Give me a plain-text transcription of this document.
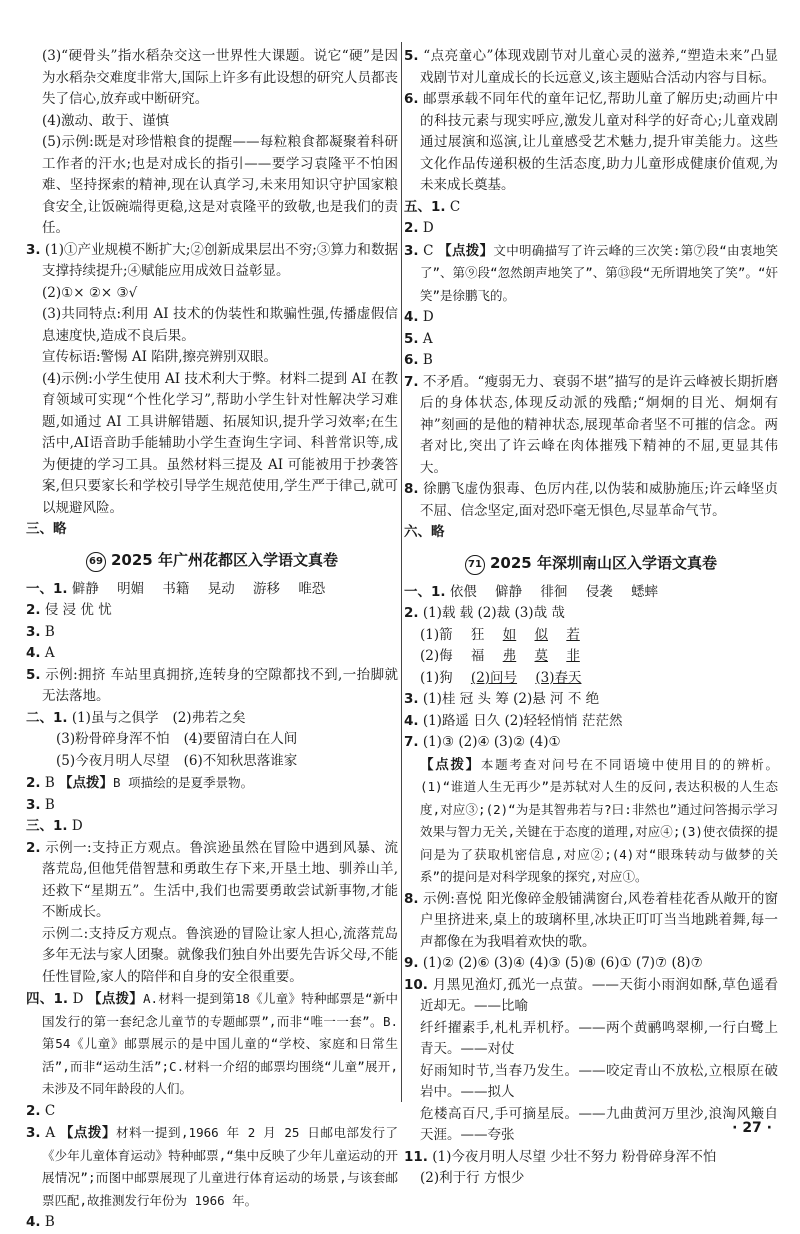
(3)“硬骨头”指水稻杂交这一世界性大课题。说它“硬”是因为水稻杂交难度非常大,国际上许多有此设想的研究人员都丧失了信心,放弃或中断研究。

(4)激动、敢于、谨慎

(5)示例:既是对珍惜粮食的提醒——每粒粮食都凝聚着科研工作者的汗水;也是对成长的指引——要学习袁隆平不怕困难、坚持探索的精神,现在认真学习,未来用知识守护国家粮食安全,让饭碗端得更稳,这是对袁隆平的致敬,也是我们的责任。

3. (1)①产业规模不断扩大;②创新成果层出不穷;③算力和数据支撑持续提升;④赋能应用成效日益彰显。

(2)①× ②× ③√

(3)共同特点:利用 AI 技术的伪装性和欺骗性强,传播虚假信息速度快,造成不良后果。

宣传标语:警惕 AI 陷阱,擦亮辨别双眼。

(4)示例:小学生使用 AI 技术利大于弊。材料二提到 AI 在教育领域可实现“个性化学习”,帮助小学生针对性解决学习难题,如通过 AI 工具讲解错题、拓展知识,提升学习效率;在生活中,AI语音助手能辅助小学生查询生字词、科普常识等,成为便捷的学习工具。虽然材料三提及 AI 可能被用于抄袭答案,但只要家长和学校引导学生规范使用,学生严于律己,就可以规避风险。

三、略

69 2025 年广州花都区入学语文真卷

一、1. 僻静 明媚 书籍 晃动 游移 唯恐

2. 侵 浸 优 忧

3. B

4. A

5. 示例:拥挤 车站里真拥挤,连转身的空隙都找不到,一抬脚就无法落地。

二、1. (1)虽与之俱学 (2)弗若之矣

(3)粉骨碎身浑不怕 (4)要留清白在人间

(5)今夜月明人尽望 (6)不知秋思落谁家

2. B 【点拨】B 项描绘的是夏季景物。

3. B

三、1. D

2. 示例一:支持正方观点。鲁滨逊虽然在冒险中遇到风暴、流落荒岛,但他凭借智慧和勇敢生存下来,开垦土地、驯养山羊,还救下“星期五”。生活中,我们也需要勇敢尝试新事物,才能不断成长。

示例二:支持反方观点。鲁滨逊的冒险让家人担心,流落荒岛多年无法与家人团聚。就像我们独自外出要先告诉父母,不能任性冒险,家人的陪伴和自身的安全很重要。

四、1. D 【点拨】A.材料一提到第18《儿童》特种邮票是“新中国发行的第一套纪念儿童节的专题邮票”,而非“唯一一套”。B.第54《儿童》邮票展示的是中国儿童的“学校、家庭和日常生活”,而非“运动生活”;C.材料一介绍的邮票均围绕“儿童”展开,未涉及不同年龄段的人们。

2. C

3. A 【点拨】材料一提到,1966 年 2 月 25 日邮电部发行了《少年儿童体育运动》特种邮票,“集中反映了少年儿童运动的开展情况”;而图中邮票展现了儿童进行体育运动的场景,与该套邮票匹配,故推测发行年份为 1966 年。

4. B

5. “点亮童心”体现戏剧节对儿童心灵的滋养,“塑造未来”凸显戏剧节对儿童成长的长远意义,该主题贴合活动内容与目标。

6. 邮票承载不同年代的童年记忆,帮助儿童了解历史;动画片中的科技元素与现实呼应,激发儿童对科学的好奇心;儿童戏剧通过展演和巡演,让儿童感受艺术魅力,提升审美能力。这些文化作品传递积极的生活态度,助力儿童形成健康价值观,为未来成长奠基。

五、1. C

2. D

3. C 【点拨】文中明确描写了许云峰的三次笑:第⑦段“由衷地笑了”、第⑨段“忽然朗声地笑了”、第⑬段“无所谓地笑了笑”。“奸笑”是徐鹏飞的。

4. D

5. A

6. B

7. 不矛盾。“瘦弱无力、衰弱不堪”描写的是许云峰被长期折磨后的身体状态,体现反动派的残酷;“炯炯的目光、炯炯有神”刻画的是他的精神状态,展现革命者坚不可摧的信念。两者对比,突出了许云峰在肉体摧残下精神的不屈,更显其伟大。

8. 徐鹏飞虚伪狠毒、色厉内荏,以伪装和威胁施压;许云峰坚贞不屈、信念坚定,面对恐吓毫无惧色,尽显革命气节。

六、略

71 2025 年深圳南山区入学语文真卷

一、1. 依偎 僻静 徘徊 侵袭 蟋蟀

2. (1)载 载 (2)裁 (3)哉 哉

(1)箭 狂 如 似 若

(2)侮 福 弗 莫 非

(1)狗 (2)问号 (3)春天

3. (1)桂 冠 头 筹 (2)悬 河 不 绝

4. (1)路遥 日久 (2)轻轻悄悄 茫茫然

7. (1)③ (2)④ (3)② (4)①

【点拨】本题考查对问号在不同语境中使用目的的辨析。(1)“谁道人生无再少”是苏轼对人生的反问,表达积极的人生态度,对应③;(2)“为是其智弗若与?曰:非然也”通过问答揭示学习效果与智力无关,关键在于态度的道理,对应④;(3)使衣债探的提问是为了获取机密信息,对应②;(4)对“眼珠转动与做梦的关系”的提问是对科学现象的探究,对应①。

8. 示例:喜悦 阳光像碎金般铺满窗台,风卷着桂花香从敞开的窗户里挤进来,桌上的玻璃杯里,冰块正叮叮当当地跳着舞,每一声都像在为我唱着欢快的歌。

9. (1)② (2)⑥ (3)④ (4)③ (5)⑧ (6)① (7)⑦ (8)⑦

10. 月黑见渔灯,孤光一点萤。——天街小雨润如酥,草色遥看近却无。——比喻

纤纤擢素手,札札弄机杼。——两个黄鹂鸣翠柳,一行白鹭上青天。——对仗

好雨知时节,当春乃发生。——咬定青山不放松,立根原在破岩中。——拟人

危楼高百尺,手可摘星辰。——九曲黄河万里沙,浪淘风簸自天涯。——夸张

11. (1)今夜月明人尽望 少壮不努力 粉骨碎身浑不怕

(2)利于行 方恨少

· 27 ·
